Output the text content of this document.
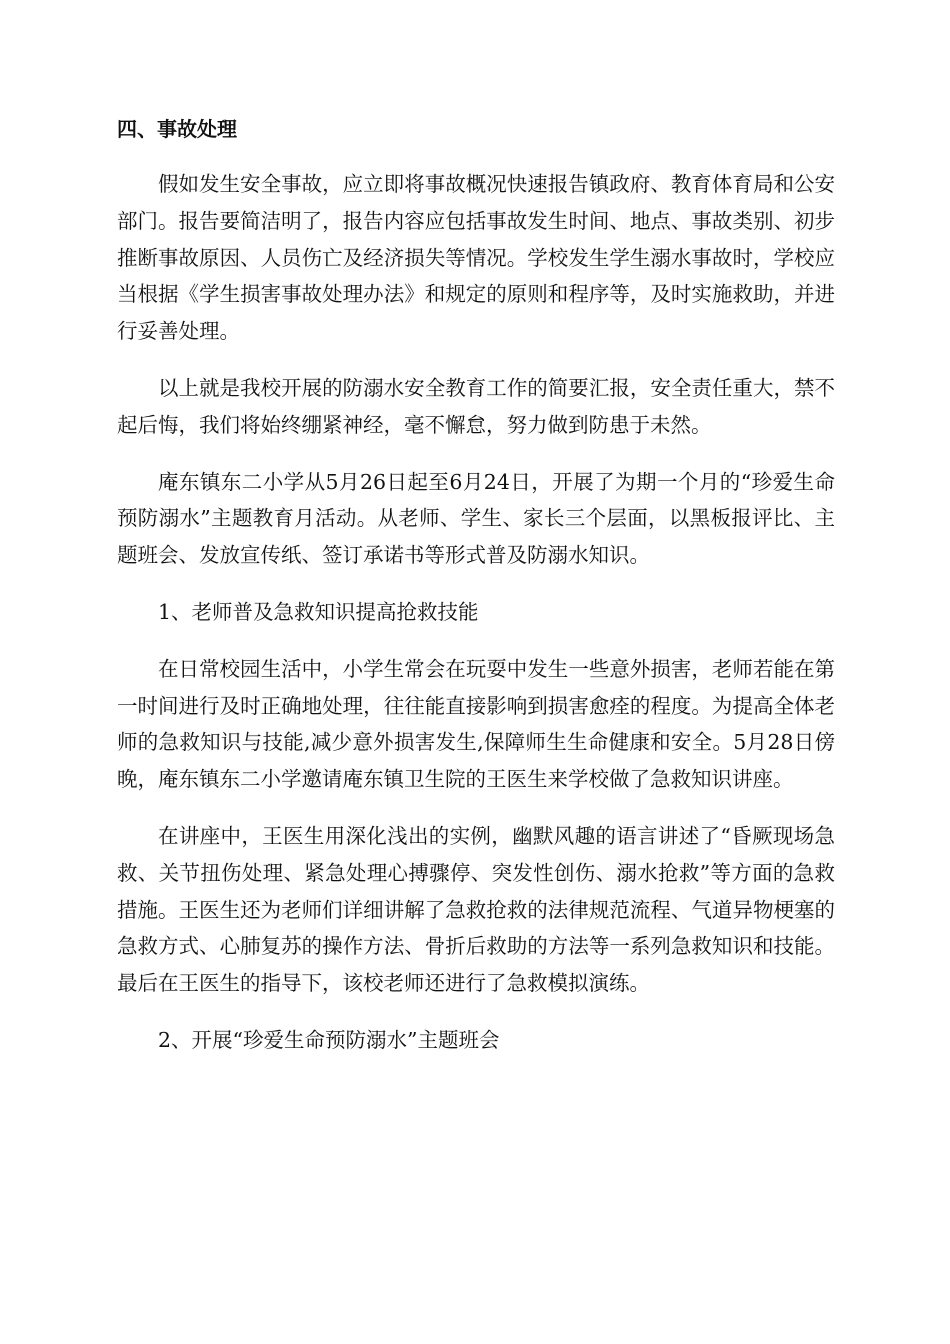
四、事故处理

假如发生安全事故，应立即将事故概况快速报告镇政府、教育体育局和公安部门。报告要简洁明了，报告内容应包括事故发生时间、地点、事故类别、初步推断事故原因、人员伤亡及经济损失等情况。学校发生学生溺水事故时，学校应当根据《学生损害事故处理办法》和规定的原则和程序等，及时实施救助，并进行妥善处理。

以上就是我校开展的防溺水安全教育工作的简要汇报，安全责任重大，禁不起后悔，我们将始终绷紧神经，毫不懈怠，努力做到防患于未然。

庵东镇东二小学从5月26日起至6月24日，开展了为期一个月的“珍爱生命预防溺水”主题教育月活动。从老师、学生、家长三个层面，以黑板报评比、主题班会、发放宣传纸、签订承诺书等形式普及防溺水知识。

1、老师普及急救知识提高抢救技能

在日常校园生活中，小学生常会在玩耍中发生一些意外损害，老师若能在第一时间进行及时正确地处理，往往能直接影响到损害愈痊的程度。为提高全体老师的急救知识与技能,减少意外损害发生,保障师生生命健康和安全。5月28日傍晚，庵东镇东二小学邀请庵东镇卫生院的王医生来学校做了急救知识讲座。

在讲座中，王医生用深化浅出的实例，幽默风趣的语言讲述了“昏厥现场急救、关节扭伤处理、紧急处理心搏骤停、突发性创伤、溺水抢救”等方面的急救措施。王医生还为老师们详细讲解了急救抢救的法律规范流程、气道异物梗塞的急救方式、心肺复苏的操作方法、骨折后救助的方法等一系列急救知识和技能。最后在王医生的指导下，该校老师还进行了急救模拟演练。

2、开展“珍爱生命预防溺水”主题班会
